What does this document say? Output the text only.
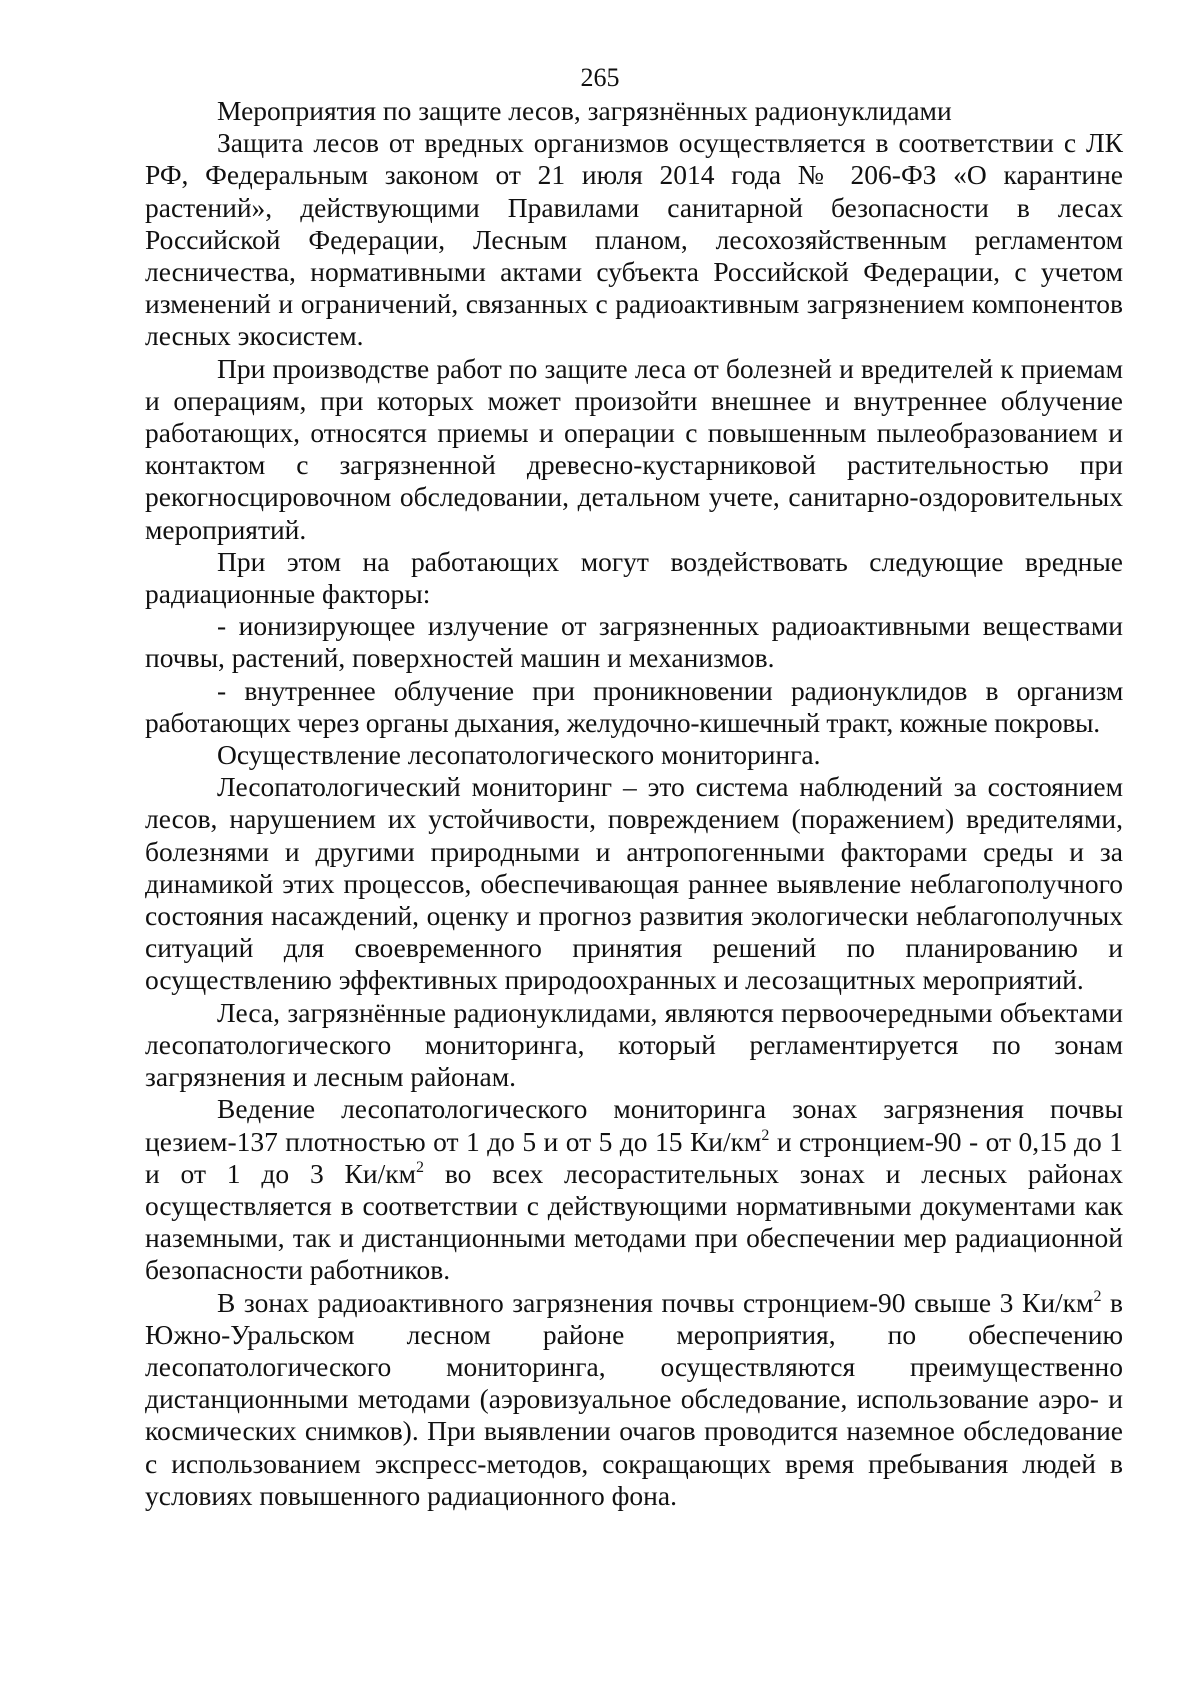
265

Мероприятия по защите лесов, загрязнённых радионуклидами

Защита лесов от вредных организмов осуществляется в соответствии с ЛК РФ, Федеральным законом от 21 июля 2014 года № 206-ФЗ «О карантине растений», действующими Правилами санитарной безопасности в лесах Российской Федерации, Лесным планом, лесохозяйственным регламентом лесничества, нормативными актами субъекта Российской Федерации, с учетом изменений и ограничений, связанных с радиоактивным загрязнением компонентов лесных экосистем.

При производстве работ по защите леса от болезней и вредителей к приемам и операциям, при которых может произойти внешнее и внутреннее облучение работающих, относятся приемы и операции с повышенным пылеобразованием и контактом с загрязненной древесно-кустарниковой растительностью при рекогносцировочном обследовании, детальном учете, санитарно-оздоровительных мероприятий.

При этом на работающих могут воздействовать следующие вредные радиационные факторы:

- ионизирующее излучение от загрязненных радиоактивными веществами почвы, растений, поверхностей машин и механизмов.

- внутреннее облучение при проникновении радионуклидов в организм работающих через органы дыхания, желудочно-кишечный тракт, кожные покровы.

Осуществление лесопатологического мониторинга.

Лесопатологический мониторинг – это система наблюдений за состоянием лесов, нарушением их устойчивости, повреждением (поражением) вредителями, болезнями и другими природными и антропогенными факторами среды и за динамикой этих процессов, обеспечивающая раннее выявление неблагополучного состояния насаждений, оценку и прогноз развития экологически неблагополучных ситуаций для своевременного принятия решений по планированию и осуществлению эффективных природоохранных и лесозащитных мероприятий.

Леса, загрязнённые радионуклидами, являются первоочередными объектами лесопатологического мониторинга, который регламентируется по зонам загрязнения и лесным районам.

Ведение лесопатологического мониторинга зонах загрязнения почвы цезием-137 плотностью от 1 до 5 и от 5 до 15 $Ки/км^2$ и стронцием-90 - от 0,15 до 1 и от 1 до 3 $Ки/км^2$ во всех лесорастительных зонах и лесных районах осуществляется в соответствии с действующими нормативными документами как наземными, так и дистанционными методами при обеспечении мер радиационной безопасности работников.

В зонах радиоактивного загрязнения почвы стронцием-90 свыше 3 $Ки/км^2$ в Южно-Уральском лесном районе мероприятия, по обеспечению лесопатологического мониторинга, осуществляются преимущественно дистанционными методами (аэровизуальное обследование, использование аэро- и космических снимков). При выявлении очагов проводится наземное обследование с использованием экспресс-методов, сокращающих время пребывания людей в условиях повышенного радиационного фона.
